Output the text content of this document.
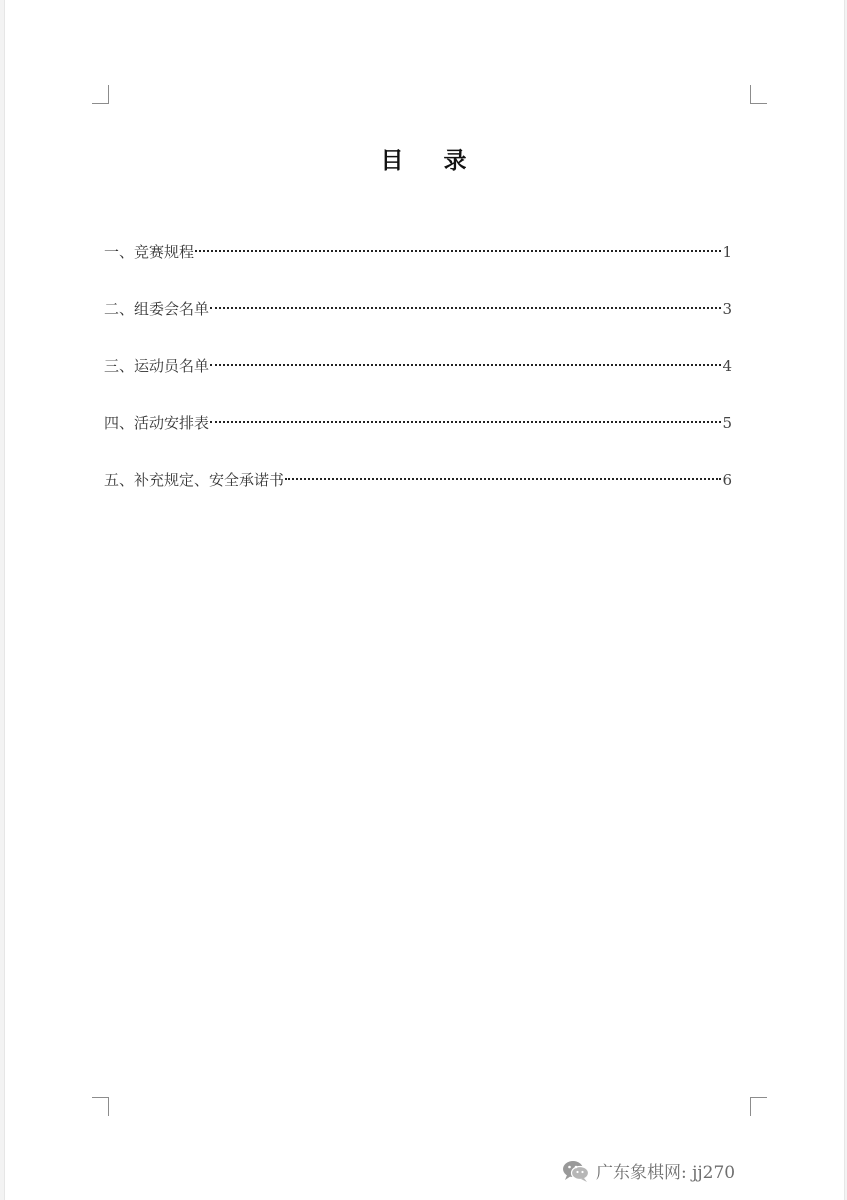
目 录
一、竞赛规程	1
二、组委会名单	3
三、运动员名单	4
四、活动安排表	5
五、补充规定、安全承诺书	6
广东象棋网: jj270
